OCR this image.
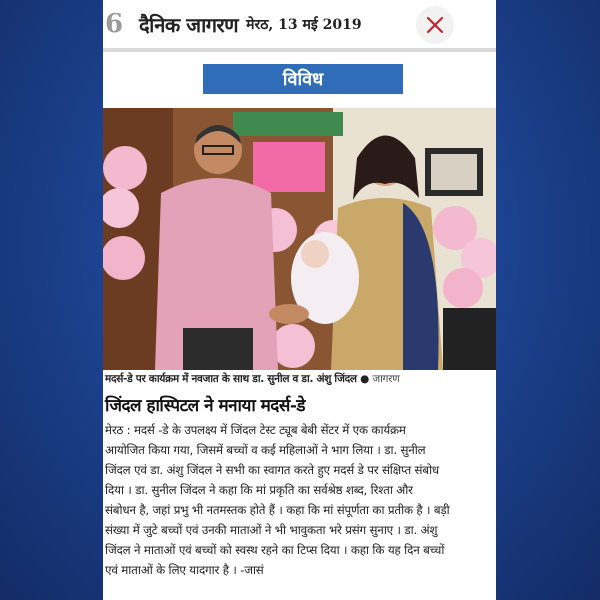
6 दैनिक जागरण मेरठ, 13 मई 2019
विविध
मदर्स-डे पर कार्यक्रम में नवजात के साथ डा. सुनील व डा. अंशु जिंदल ● जागरण
जिंदल हास्पिटल ने मनाया मदर्स-डे
मेरठ : मदर्स -डे के उपलक्ष्य में जिंदल टेस्ट ट्यूब बेबी सेंटर में एक कार्यक्रम
आयोजित किया गया, जिसमें बच्चों व कई महिलाओं ने भाग लिया । डा. सुनील
जिंदल एवं डा. अंशु जिंदल ने सभी का स्वागत करते हुए मदर्स डे पर संक्षिप्त संबोध
दिया । डा. सुनील जिंदल ने कहा कि मां प्रकृति का सर्वश्रेष्ठ शब्द, रिश्ता और
संबोधन है, जहां प्रभु भी नतमस्तक होते हैं । कहा कि मां संपूर्णता का प्रतीक है । बड़ी
संख्या में जुटे बच्चों एवं उनकी माताओं ने भी भावुकता भरे प्रसंग सुनाए । डा. अंशु
जिंदल ने माताओं एवं बच्चों को स्वस्थ रहने का टिप्स दिया । कहा कि यह दिन बच्चों
एवं माताओं के लिए यादगार है । -जासं
